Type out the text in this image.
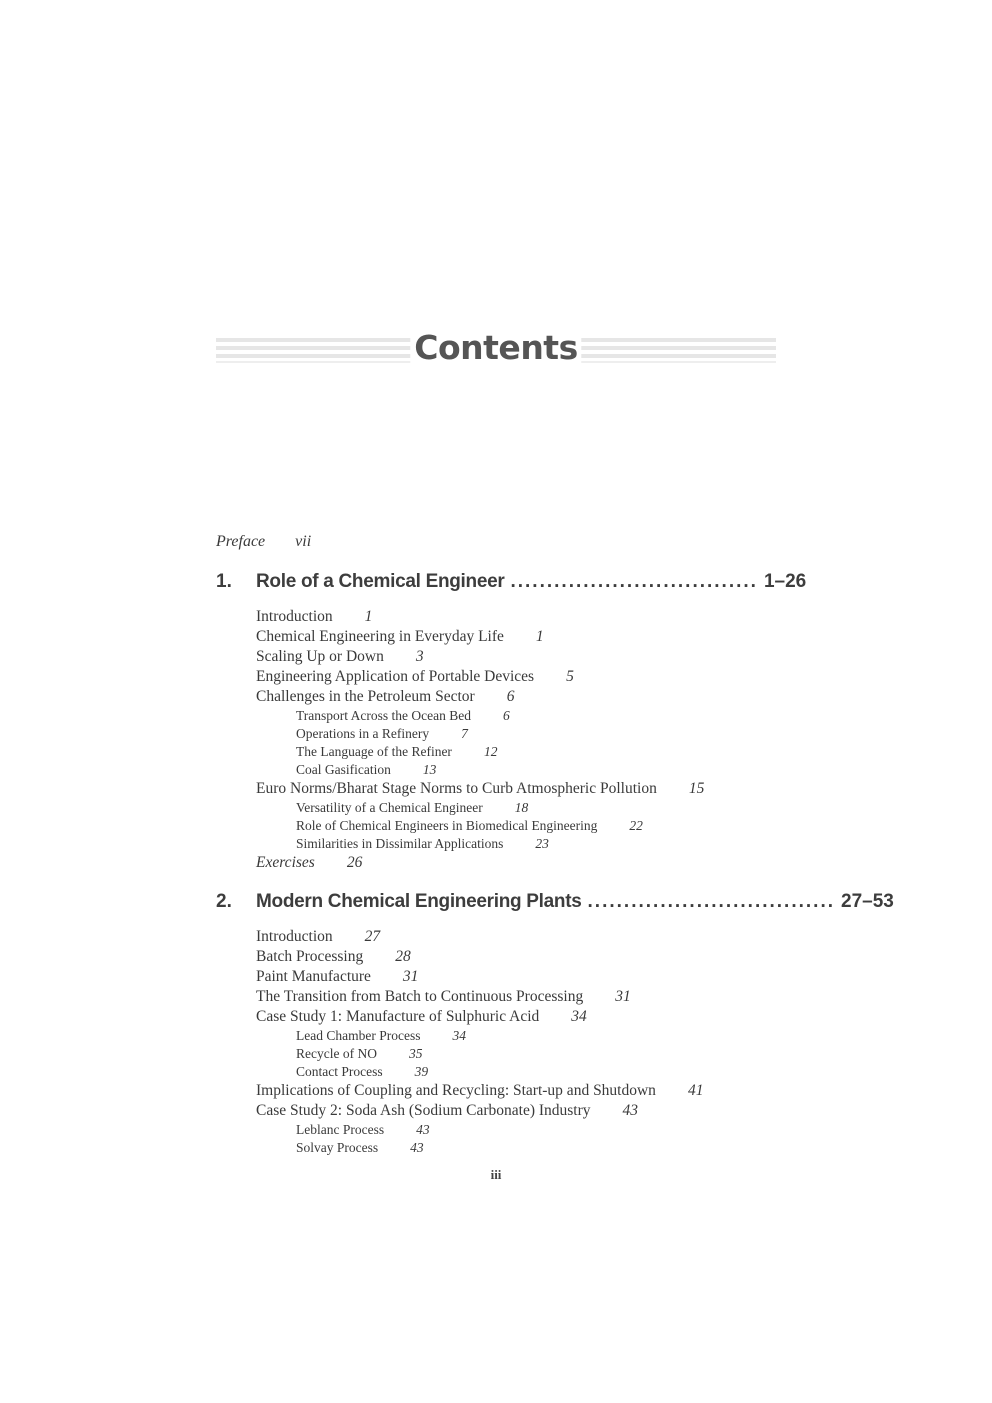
Contents
Preface vii
1.	Role of a Chemical Engineer .................................. 1–26
Introduction 1
Chemical Engineering in Everyday Life 1
Scaling Up or Down 3
Engineering Application of Portable Devices 5
Challenges in the Petroleum Sector 6
Transport Across the Ocean Bed 6
Operations in a Refinery 7
The Language of the Refiner 12
Coal Gasification 13
Euro Norms/Bharat Stage Norms to Curb Atmospheric Pollution 15
Versatility of a Chemical Engineer 18
Role of Chemical Engineers in Biomedical Engineering 22
Similarities in Dissimilar Applications 23
Exercises 26
2.	Modern Chemical Engineering Plants .................................. 27–53
Introduction 27
Batch Processing 28
Paint Manufacture 31
The Transition from Batch to Continuous Processing 31
Case Study 1: Manufacture of Sulphuric Acid 34
Lead Chamber Process 34
Recycle of NO 35
Contact Process 39
Implications of Coupling and Recycling: Start-up and Shutdown 41
Case Study 2: Soda Ash (Sodium Carbonate) Industry 43
Leblanc Process 43
Solvay Process 43
iii
